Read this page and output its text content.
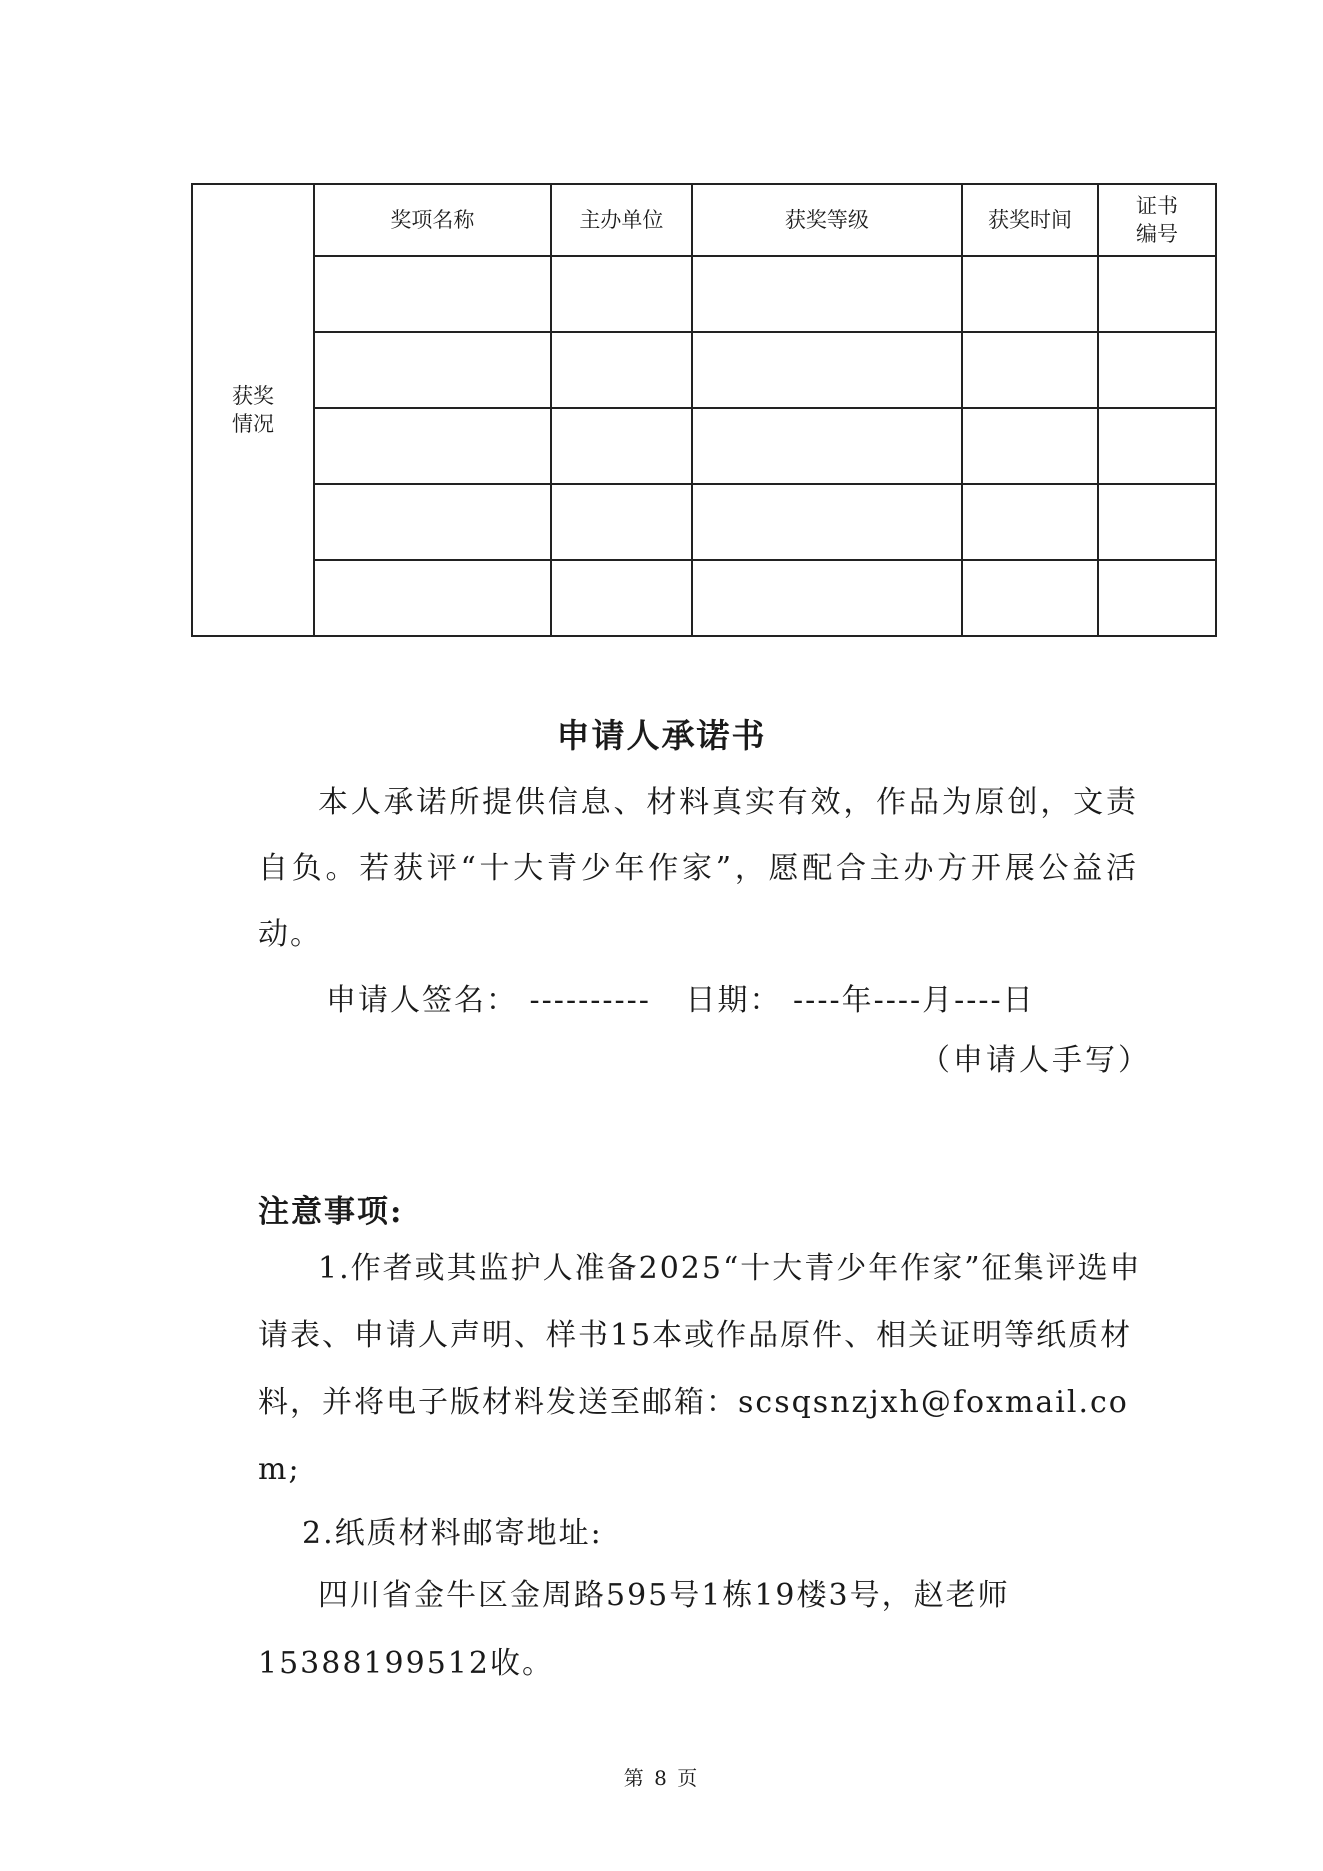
获奖情况	奖项名称	主办单位	获奖等级	获奖时间	证书编号

申请人承诺书

本人承诺所提供信息、材料真实有效，作品为原创，文责自负。若获评“十大青少年作家”，愿配合主办方开展公益活动。

申请人签名： ----------   日期： ----年----月----日
（申请人手写）
注意事项:

1.作者或其监护人准备2025“十大青少年作家”征集评选申请表、申请人声明、样书15本或作品原件、相关证明等纸质材料，并将电子版材料发送至邮箱：scsqsnzjxh@foxmail.com;

2.纸质材料邮寄地址:

四川省金牛区金周路595号1栋19楼3号，赵老师15388199512收。

第 8 页
